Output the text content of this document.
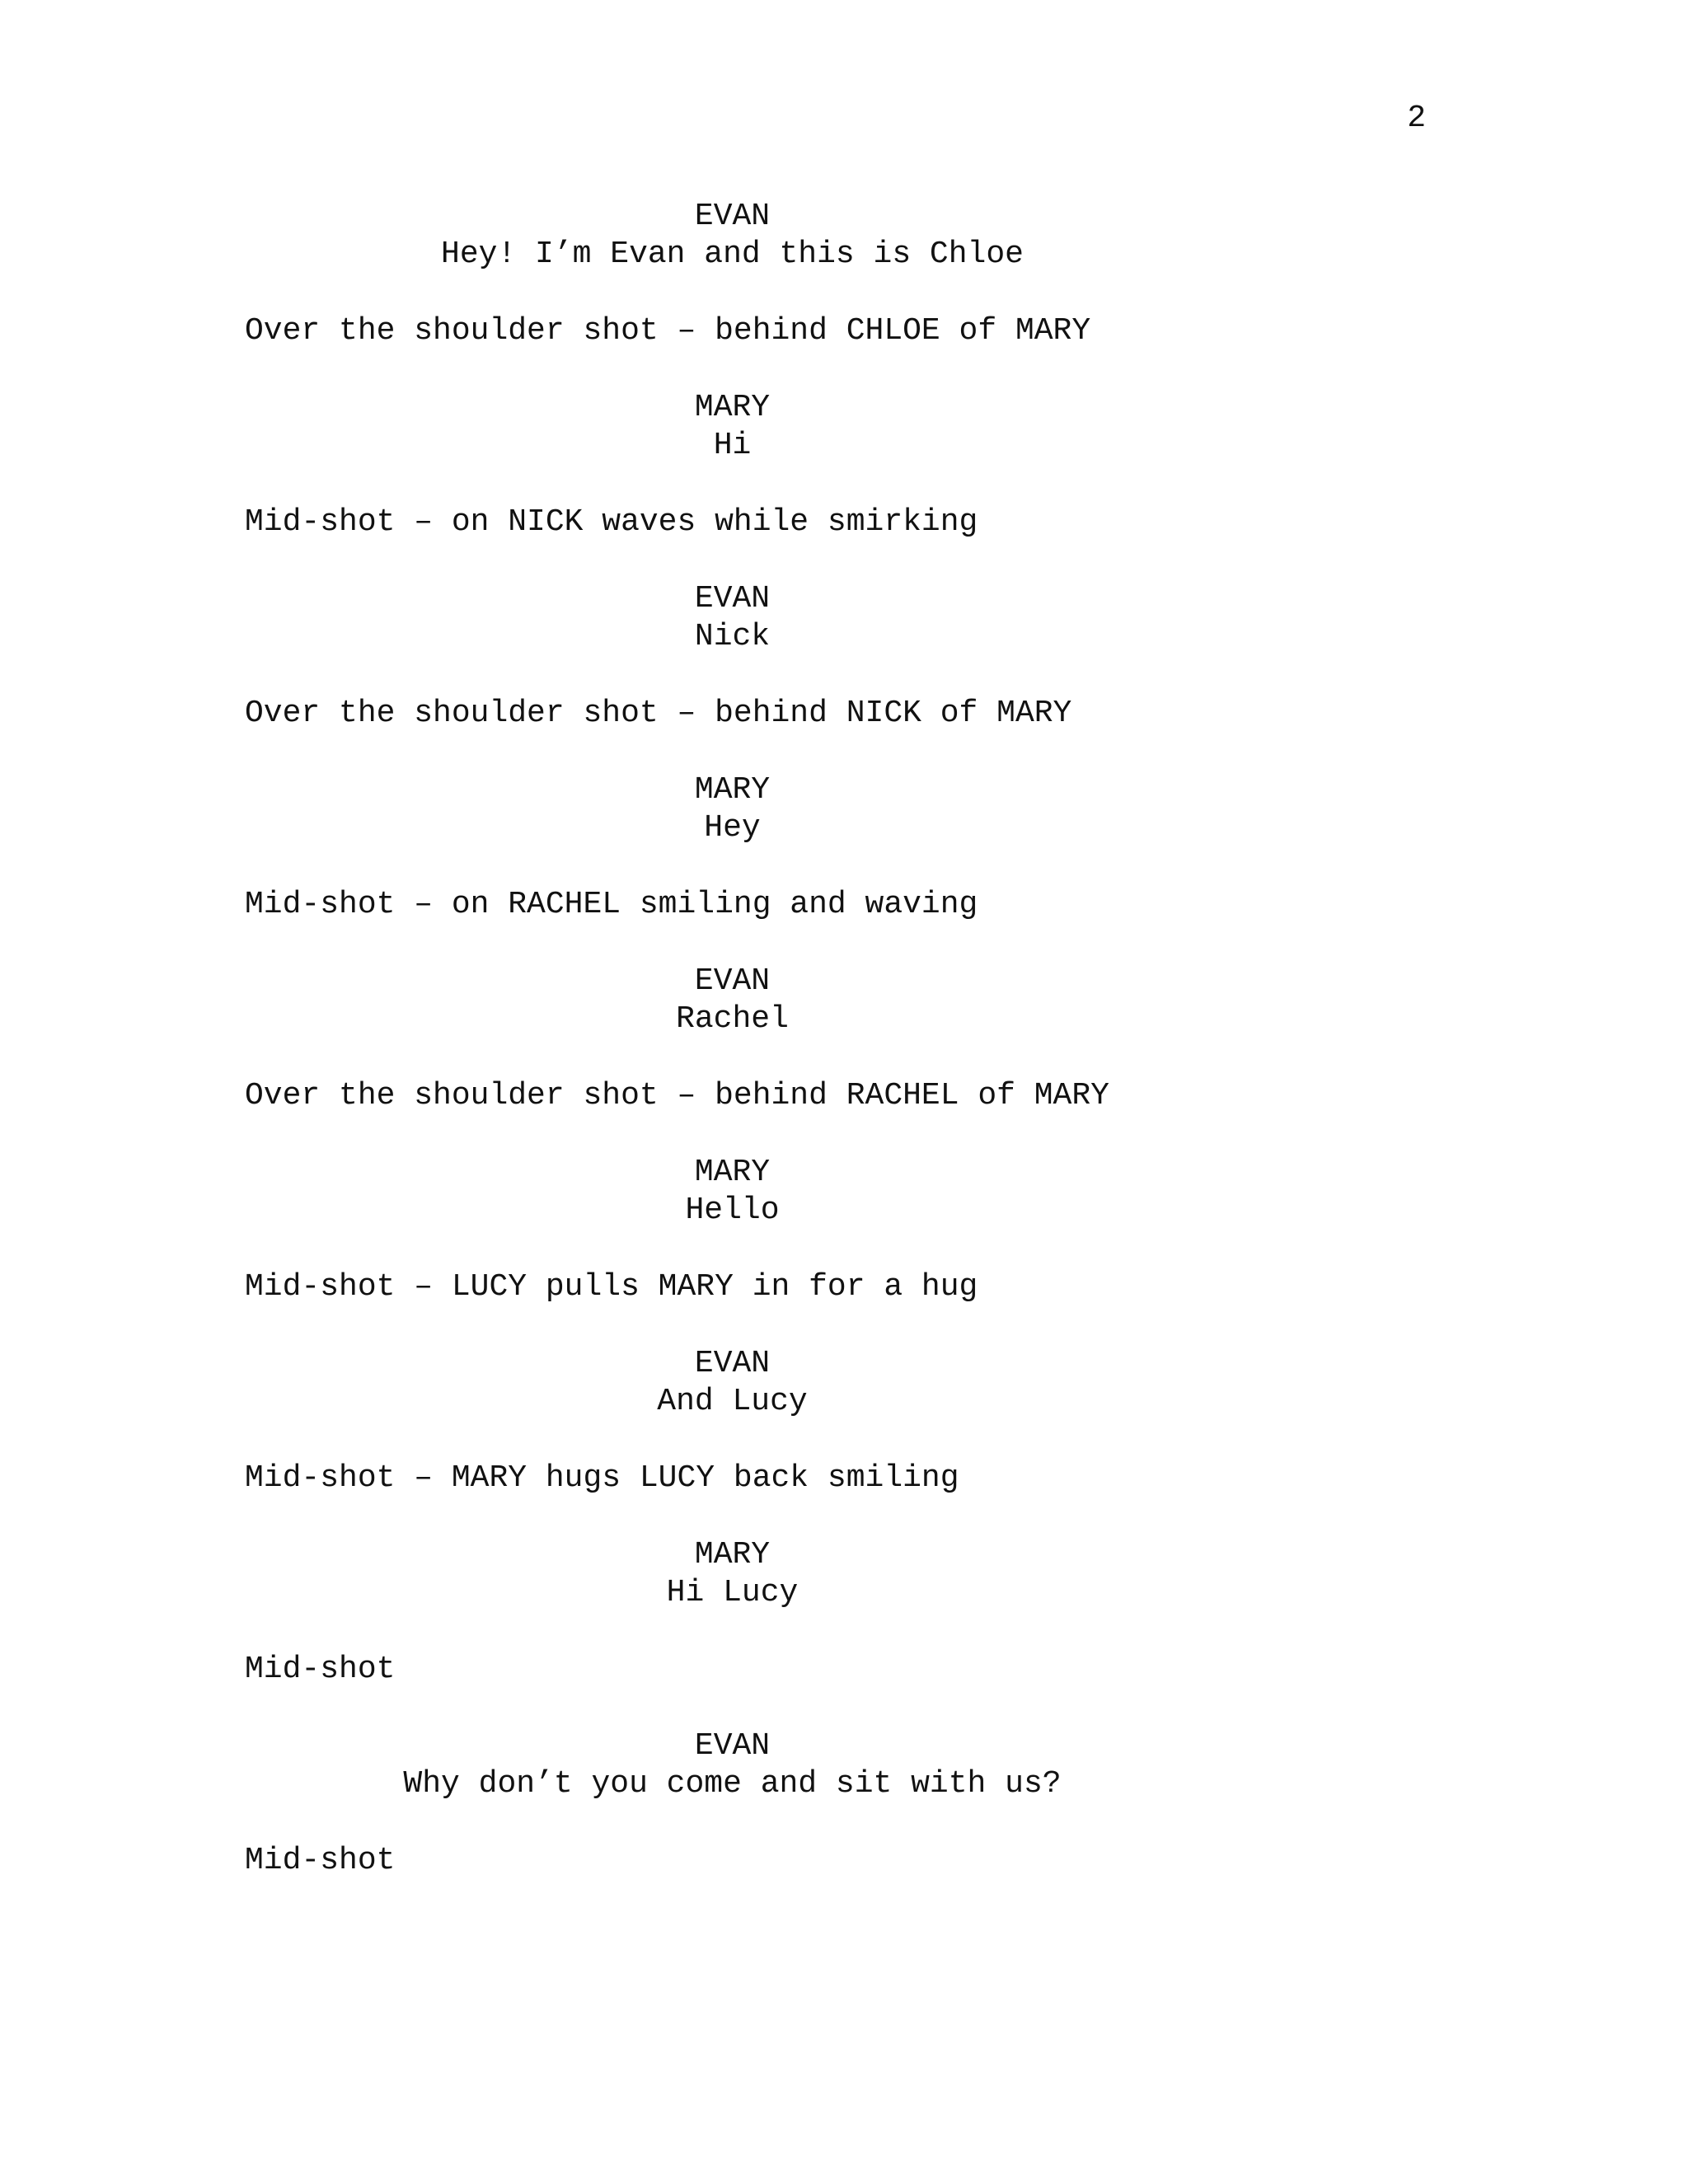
2
EVAN
Hey! I’m Evan and this is Chloe
Over the shoulder shot – behind CHLOE of MARY
MARY
Hi
Mid-shot – on NICK waves while smirking
EVAN
Nick
Over the shoulder shot – behind NICK of MARY
MARY
Hey
Mid-shot – on RACHEL smiling and waving
EVAN
Rachel
Over the shoulder shot – behind RACHEL of MARY
MARY
Hello
Mid-shot – LUCY pulls MARY in for a hug
EVAN
And Lucy
Mid-shot – MARY hugs LUCY back smiling
MARY
Hi Lucy
Mid-shot
EVAN
Why don’t you come and sit with us?
Mid-shot
